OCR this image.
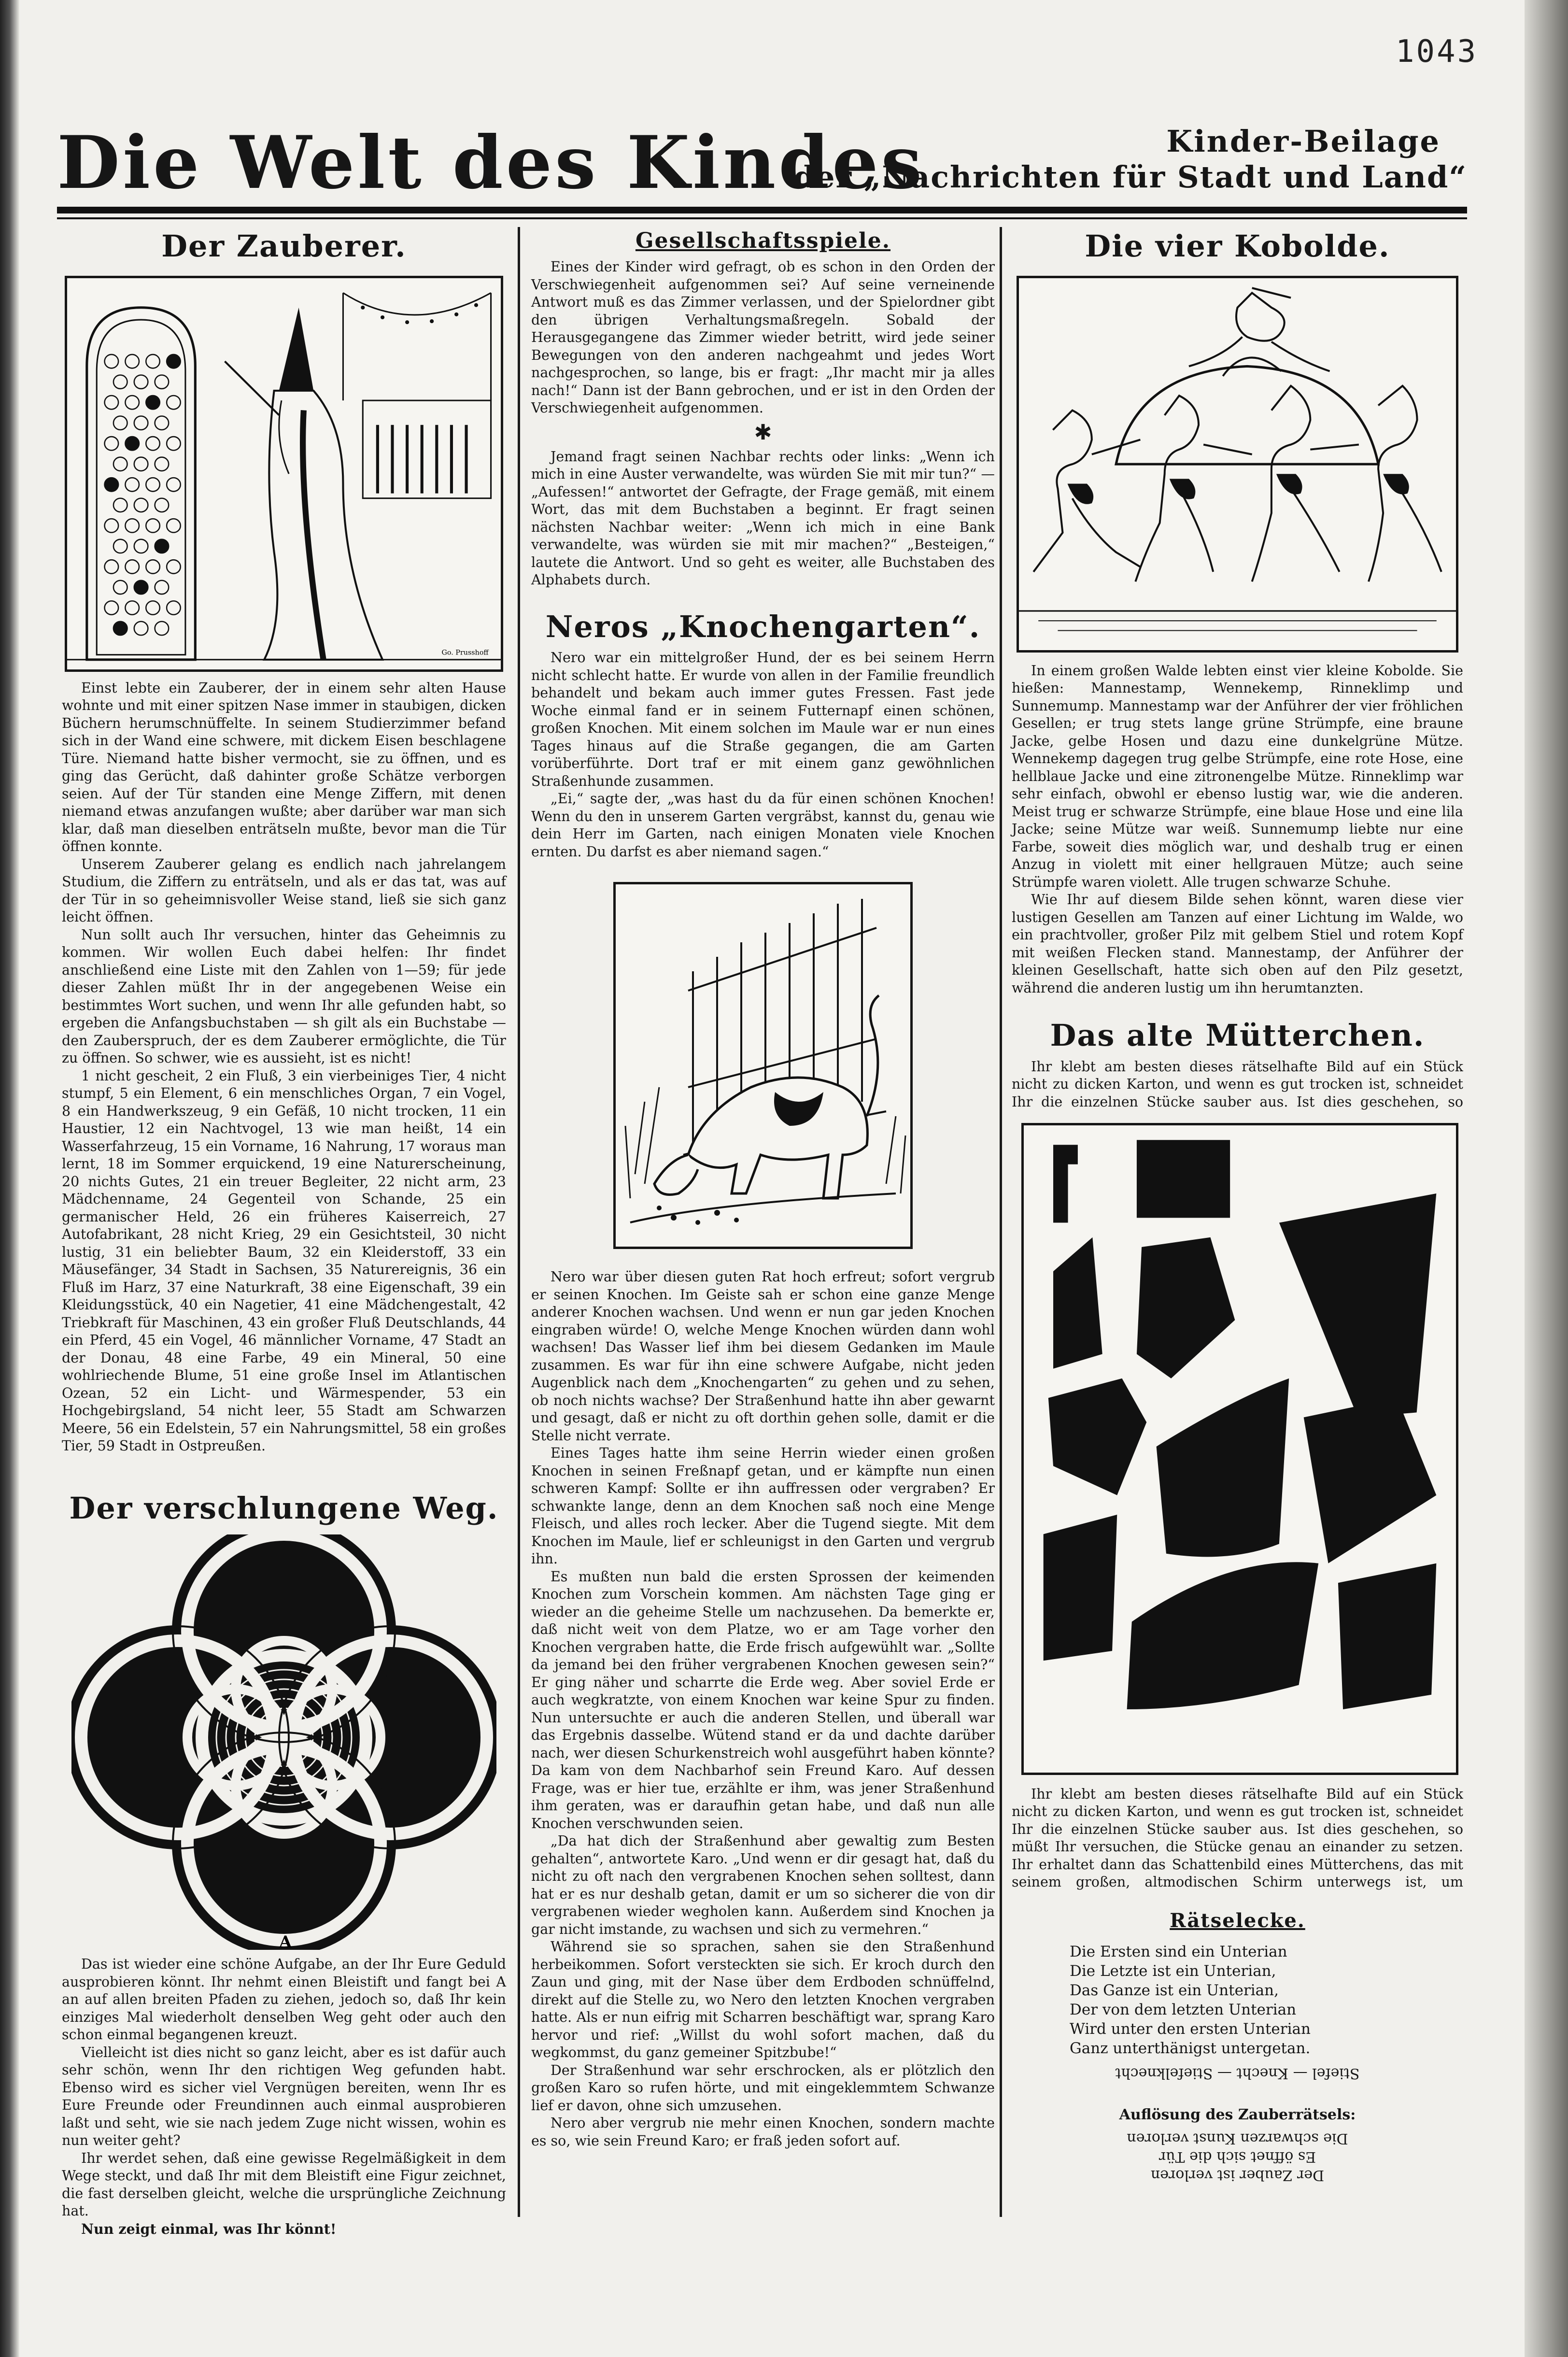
1043
Die Welt des Kindes	Kinder-Beilage
der „Nachrichten für Stadt und Land“
Der Zauberer.
Go. Prusshoff

Einst lebte ein Zauberer, der in einem sehr alten Hause wohnte und mit einer spitzen Nase immer in staubigen, dicken Büchern herumschnüffelte. In seinem Studierzimmer befand sich in der Wand eine schwere, mit dickem Eisen beschlagene Türe. Niemand hatte bisher vermocht, sie zu öffnen, und es ging das Gerücht, daß dahinter große Schätze verborgen seien. Auf der Tür standen eine Menge Ziffern, mit denen niemand etwas anzufangen wußte; aber darüber war man sich klar, daß man dieselben enträtseln mußte, bevor man die Tür öffnen konnte.

Unserem Zauberer gelang es endlich nach jahrelangem Studium, die Ziffern zu enträtseln, und als er das tat, was auf der Tür in so geheimnisvoller Weise stand, ließ sie sich ganz leicht öffnen.

Nun sollt auch Ihr versuchen, hinter das Geheimnis zu kommen. Wir wollen Euch dabei helfen: Ihr findet anschließend eine Liste mit den Zahlen von 1—59; für jede dieser Zahlen müßt Ihr in der angegebenen Weise ein bestimmtes Wort suchen, und wenn Ihr alle gefunden habt, so ergeben die Anfangsbuchstaben — sh gilt als ein Buchstabe — den Zauberspruch, der es dem Zauberer ermöglichte, die Tür zu öffnen. So schwer, wie es aussieht, ist es nicht!

1 nicht gescheit, 2 ein Fluß, 3 ein vierbeiniges Tier, 4 nicht stumpf, 5 ein Element, 6 ein menschliches Organ, 7 ein Vogel, 8 ein Handwerkszeug, 9 ein Gefäß, 10 nicht trocken, 11 ein Haustier, 12 ein Nachtvogel, 13 wie man heißt, 14 ein Wasserfahrzeug, 15 ein Vorname, 16 Nahrung, 17 woraus man lernt, 18 im Sommer erquickend, 19 eine Naturerscheinung, 20 nichts Gutes, 21 ein treuer Begleiter, 22 nicht arm, 23 Mädchenname, 24 Gegenteil von Schande, 25 ein germanischer Held, 26 ein früheres Kaiserreich, 27 Autofabrikant, 28 nicht Krieg, 29 ein Gesichtsteil, 30 nicht lustig, 31 ein beliebter Baum, 32 ein Kleiderstoff, 33 ein Mäusefänger, 34 Stadt in Sachsen, 35 Naturereignis, 36 ein Fluß im Harz, 37 eine Naturkraft, 38 eine Eigenschaft, 39 ein Kleidungsstück, 40 ein Nagetier, 41 eine Mädchengestalt, 42 Triebkraft für Maschinen, 43 ein großer Fluß Deutschlands, 44 ein Pferd, 45 ein Vogel, 46 männlicher Vorname, 47 Stadt an der Donau, 48 eine Farbe, 49 ein Mineral, 50 eine wohlriechende Blume, 51 eine große Insel im Atlantischen Ozean, 52 ein Licht- und Wärmespender, 53 ein Hochgebirgsland, 54 nicht leer, 55 Stadt am Schwarzen Meere, 56 ein Edelstein, 57 ein Nahrungsmittel, 58 ein großes Tier, 59 Stadt in Ostpreußen.

Der verschlungene Weg.
A

Das ist wieder eine schöne Aufgabe, an der Ihr Eure Geduld ausprobieren könnt. Ihr nehmt einen Bleistift und fangt bei A an auf allen breiten Pfaden zu ziehen, jedoch so, daß Ihr kein einziges Mal wiederholt denselben Weg geht oder auch den schon einmal begangenen kreuzt.

Vielleicht ist dies nicht so ganz leicht, aber es ist dafür auch sehr schön, wenn Ihr den richtigen Weg gefunden habt. Ebenso wird es sicher viel Vergnügen bereiten, wenn Ihr es Eure Freunde oder Freundinnen auch einmal ausprobieren laßt und seht, wie sie nach jedem Zuge nicht wissen, wohin es nun weiter geht?

Ihr werdet sehen, daß eine gewisse Regelmäßigkeit in dem Wege steckt, und daß Ihr mit dem Bleistift eine Figur zeichnet, die fast derselben gleicht, welche die ursprüngliche Zeichnung hat.

Nun zeigt einmal, was Ihr könnt!

Gesellschaftsspiele.

Eines der Kinder wird gefragt, ob es schon in den Orden der Verschwiegenheit aufgenommen sei? Auf seine verneinende Antwort muß es das Zimmer verlassen, und der Spielordner gibt den übrigen Verhaltungsmaßregeln. Sobald der Herausgegangene das Zimmer wieder betritt, wird jede seiner Bewegungen von den anderen nachgeahmt und jedes Wort nachgesprochen, so lange, bis er fragt: „Ihr macht mir ja alles nach!“ Dann ist der Bann gebrochen, und er ist in den Orden der Verschwiegenheit aufgenommen.

✱

Jemand fragt seinen Nachbar rechts oder links: „Wenn ich mich in eine Auster verwandelte, was würden Sie mit mir tun?“ — „Aufessen!“ antwortet der Gefragte, der Frage gemäß, mit einem Wort, das mit dem Buchstaben a beginnt. Er fragt seinen nächsten Nachbar weiter: „Wenn ich mich in eine Bank verwandelte, was würden sie mit mir machen?“ „Besteigen,“ lautete die Antwort. Und so geht es weiter, alle Buchstaben des Alphabets durch.

Neros „Knochengarten“.

Nero war ein mittelgroßer Hund, der es bei seinem Herrn nicht schlecht hatte. Er wurde von allen in der Familie freundlich behandelt und bekam auch immer gutes Fressen. Fast jede Woche einmal fand er in seinem Futternapf einen schönen, großen Knochen. Mit einem solchen im Maule war er nun eines Tages hinaus auf die Straße gegangen, die am Garten vorüberführte. Dort traf er mit einem ganz gewöhnlichen Straßenhunde zusammen.

„Ei,“ sagte der, „was hast du da für einen schönen Knochen! Wenn du den in unserem Garten vergräbst, kannst du, genau wie dein Herr im Garten, nach einigen Monaten viele Knochen ernten. Du darfst es aber niemand sagen.“

Nero war über diesen guten Rat hoch erfreut; sofort vergrub er seinen Knochen. Im Geiste sah er schon eine ganze Menge anderer Knochen wachsen. Und wenn er nun gar jeden Knochen eingraben würde! O, welche Menge Knochen würden dann wohl wachsen! Das Wasser lief ihm bei diesem Gedanken im Maule zusammen. Es war für ihn eine schwere Aufgabe, nicht jeden Augenblick nach dem „Knochengarten“ zu gehen und zu sehen, ob noch nichts wachse? Der Straßenhund hatte ihn aber gewarnt und gesagt, daß er nicht zu oft dorthin gehen solle, damit er die Stelle nicht verrate.

Eines Tages hatte ihm seine Herrin wieder einen großen Knochen in seinen Freßnapf getan, und er kämpfte nun einen schweren Kampf: Sollte er ihn auffressen oder vergraben? Er schwankte lange, denn an dem Knochen saß noch eine Menge Fleisch, und alles roch lecker. Aber die Tugend siegte. Mit dem Knochen im Maule, lief er schleunigst in den Garten und vergrub ihn.

Es mußten nun bald die ersten Sprossen der keimenden Knochen zum Vorschein kommen. Am nächsten Tage ging er wieder an die geheime Stelle um nachzusehen. Da bemerkte er, daß nicht weit von dem Platze, wo er am Tage vorher den Knochen vergraben hatte, die Erde frisch aufgewühlt war. „Sollte da jemand bei den früher vergrabenen Knochen gewesen sein?“ Er ging näher und scharrte die Erde weg. Aber soviel Erde er auch wegkratzte, von einem Knochen war keine Spur zu finden. Nun untersuchte er auch die anderen Stellen, und überall war das Ergebnis dasselbe. Wütend stand er da und dachte darüber nach, wer diesen Schurkenstreich wohl ausgeführt haben könnte? Da kam von dem Nachbarhof sein Freund Karo. Auf dessen Frage, was er hier tue, erzählte er ihm, was jener Straßenhund ihm geraten, was er daraufhin getan habe, und daß nun alle Knochen verschwunden seien.

„Da hat dich der Straßenhund aber gewaltig zum Besten gehalten“, antwortete Karo. „Und wenn er dir gesagt hat, daß du nicht zu oft nach den vergrabenen Knochen sehen solltest, dann hat er es nur deshalb getan, damit er um so sicherer die von dir vergrabenen wieder wegholen kann. Außerdem sind Knochen ja gar nicht imstande, zu wachsen und sich zu vermehren.“

Während sie so sprachen, sahen sie den Straßenhund herbeikommen. Sofort versteckten sie sich. Er kroch durch den Zaun und ging, mit der Nase über dem Erdboden schnüffelnd, direkt auf die Stelle zu, wo Nero den letzten Knochen vergraben hatte. Als er nun eifrig mit Scharren beschäftigt war, sprang Karo hervor und rief: „Willst du wohl sofort machen, daß du wegkommst, du ganz gemeiner Spitzbube!“

Der Straßenhund war sehr erschrocken, als er plötzlich den großen Karo so rufen hörte, und mit eingeklemmtem Schwanze lief er davon, ohne sich umzusehen.

Nero aber vergrub nie mehr einen Knochen, sondern machte es so, wie sein Freund Karo; er fraß jeden sofort auf.

Die vier Kobolde.

In einem großen Walde lebten einst vier kleine Kobolde. Sie hießen: Mannestamp, Wennekemp, Rinneklimp und Sunnemump. Mannestamp war der Anführer der vier fröhlichen Gesellen; er trug stets lange grüne Strümpfe, eine braune Jacke, gelbe Hosen und dazu eine dunkelgrüne Mütze. Wennekemp dagegen trug gelbe Strümpfe, eine rote Hose, eine hellblaue Jacke und eine zitronengelbe Mütze. Rinneklimp war sehr einfach, obwohl er ebenso lustig war, wie die anderen. Meist trug er schwarze Strümpfe, eine blaue Hose und eine lila Jacke; seine Mütze war weiß. Sunnemump liebte nur eine Farbe, soweit dies möglich war, und deshalb trug er einen Anzug in violett mit einer hellgrauen Mütze; auch seine Strümpfe waren violett. Alle trugen schwarze Schuhe.

Wie Ihr auf diesem Bilde sehen könnt, waren diese vier lustigen Gesellen am Tanzen auf einer Lichtung im Walde, wo ein prachtvoller, großer Pilz mit gelbem Stiel und rotem Kopf mit weißen Flecken stand. Mannestamp, der Anführer der kleinen Gesellschaft, hatte sich oben auf den Pilz gesetzt, während die anderen lustig um ihn herumtanzten.

Das alte Mütterchen.

Ihr klebt am besten dieses rätselhafte Bild auf ein Stück nicht zu dicken Karton, und wenn es gut trocken ist, schneidet Ihr die einzelnen Stücke sauber aus. Ist dies geschehen, so

Ihr klebt am besten dieses rätselhafte Bild auf ein Stück nicht zu dicken Karton, und wenn es gut trocken ist, schneidet Ihr die einzelnen Stücke sauber aus. Ist dies geschehen, so müßt Ihr versuchen, die Stücke genau an einander zu setzen. Ihr erhaltet dann das Schattenbild eines Mütterchens, das mit seinem großen, altmodischen Schirm unterwegs ist, um

Rätselecke.
Die Ersten sind ein Unterian
Die Letzte ist ein Unterian,
Das Ganze ist ein Unterian,
Der von dem letzten Unterian
Wird unter den ersten Unterian
Ganz unterthänigst untergetan.
Stiefel — Knecht — Stiefelknecht
Auflösung des Zauberrätsels:
Der Zauber ist verloren
Es öffnet sich die Tür
Die schwarzen Kunst verloren
